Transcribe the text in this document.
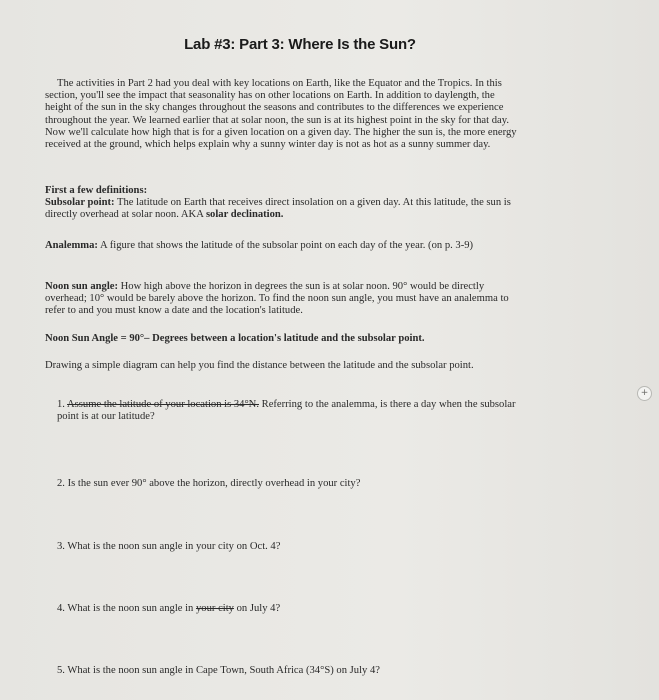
Lab #3: Part 3: Where Is the Sun?
The activities in Part 2 had you deal with key locations on Earth, like the Equator and the Tropics. In this section, you'll see the impact that seasonality has on other locations on Earth. In addition to daylength, the height of the sun in the sky changes throughout the seasons and contributes to the differences we experience throughout the year. We learned earlier that at solar noon, the sun is at its highest point in the sky for that day. Now we'll calculate how high that is for a given location on a given day. The higher the sun is, the more energy received at the ground, which helps explain why a sunny winter day is not as hot as a sunny summer day.
First a few definitions:
Subsolar point: The latitude on Earth that receives direct insolation on a given day. At this latitude, the sun is directly overhead at solar noon. AKA solar declination.
Analemma: A figure that shows the latitude of the subsolar point on each day of the year. (on p. 3-9)
Noon sun angle: How high above the horizon in degrees the sun is at solar noon. 90° would be directly overhead; 10° would be barely above the horizon. To find the noon sun angle, you must have an analemma to refer to and you must know a date and the location's latitude.
Noon Sun Angle = 90°– Degrees between a location's latitude and the subsolar point.
Drawing a simple diagram can help you find the distance between the latitude and the subsolar point.
1. Assume the latitude of your location is 34°N. Referring to the analemma, is there a day when the subsolar point is at our latitude?
2. Is the sun ever 90° above the horizon, directly overhead in your city?
3. What is the noon sun angle in your city on Oct. 4?
4. What is the noon sun angle in your city on July 4?
5. What is the noon sun angle in Cape Town, South Africa (34°S) on July 4?
+
